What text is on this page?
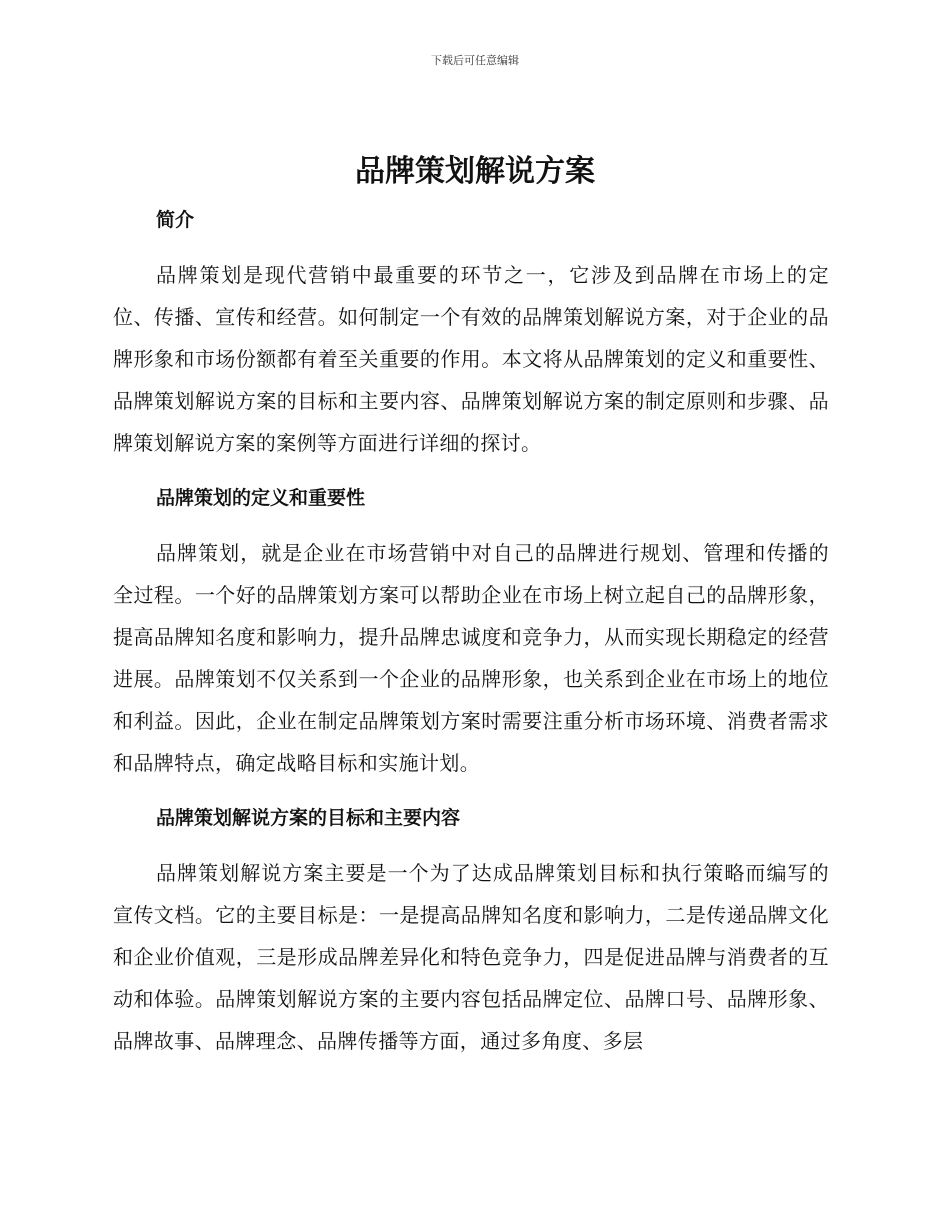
下载后可任意编辑
品牌策划解说方案
简介

品牌策划是现代营销中最重要的环节之一，它涉及到品牌在市场上的定位、传播、宣传和经营。如何制定一个有效的品牌策划解说方案，对于企业的品牌形象和市场份额都有着至关重要的作用。本文将从品牌策划的定义和重要性、品牌策划解说方案的目标和主要内容、品牌策划解说方案的制定原则和步骤、品牌策划解说方案的案例等方面进行详细的探讨。

品牌策划的定义和重要性

品牌策划，就是企业在市场营销中对自己的品牌进行规划、管理和传播的全过程。一个好的品牌策划方案可以帮助企业在市场上树立起自己的品牌形象，提高品牌知名度和影响力，提升品牌忠诚度和竞争力，从而实现长期稳定的经营进展。品牌策划不仅关系到一个企业的品牌形象，也关系到企业在市场上的地位和利益。因此，企业在制定品牌策划方案时需要注重分析市场环境、消费者需求和品牌特点，确定战略目标和实施计划。

品牌策划解说方案的目标和主要内容

品牌策划解说方案主要是一个为了达成品牌策划目标和执行策略而编写的宣传文档。它的主要目标是：一是提高品牌知名度和影响力，二是传递品牌文化和企业价值观，三是形成品牌差异化和特色竞争力，四是促进品牌与消费者的互动和体验。品牌策划解说方案的主要内容包括品牌定位、品牌口号、品牌形象、品牌故事、品牌理念、品牌传播等方面，通过多角度、多层
